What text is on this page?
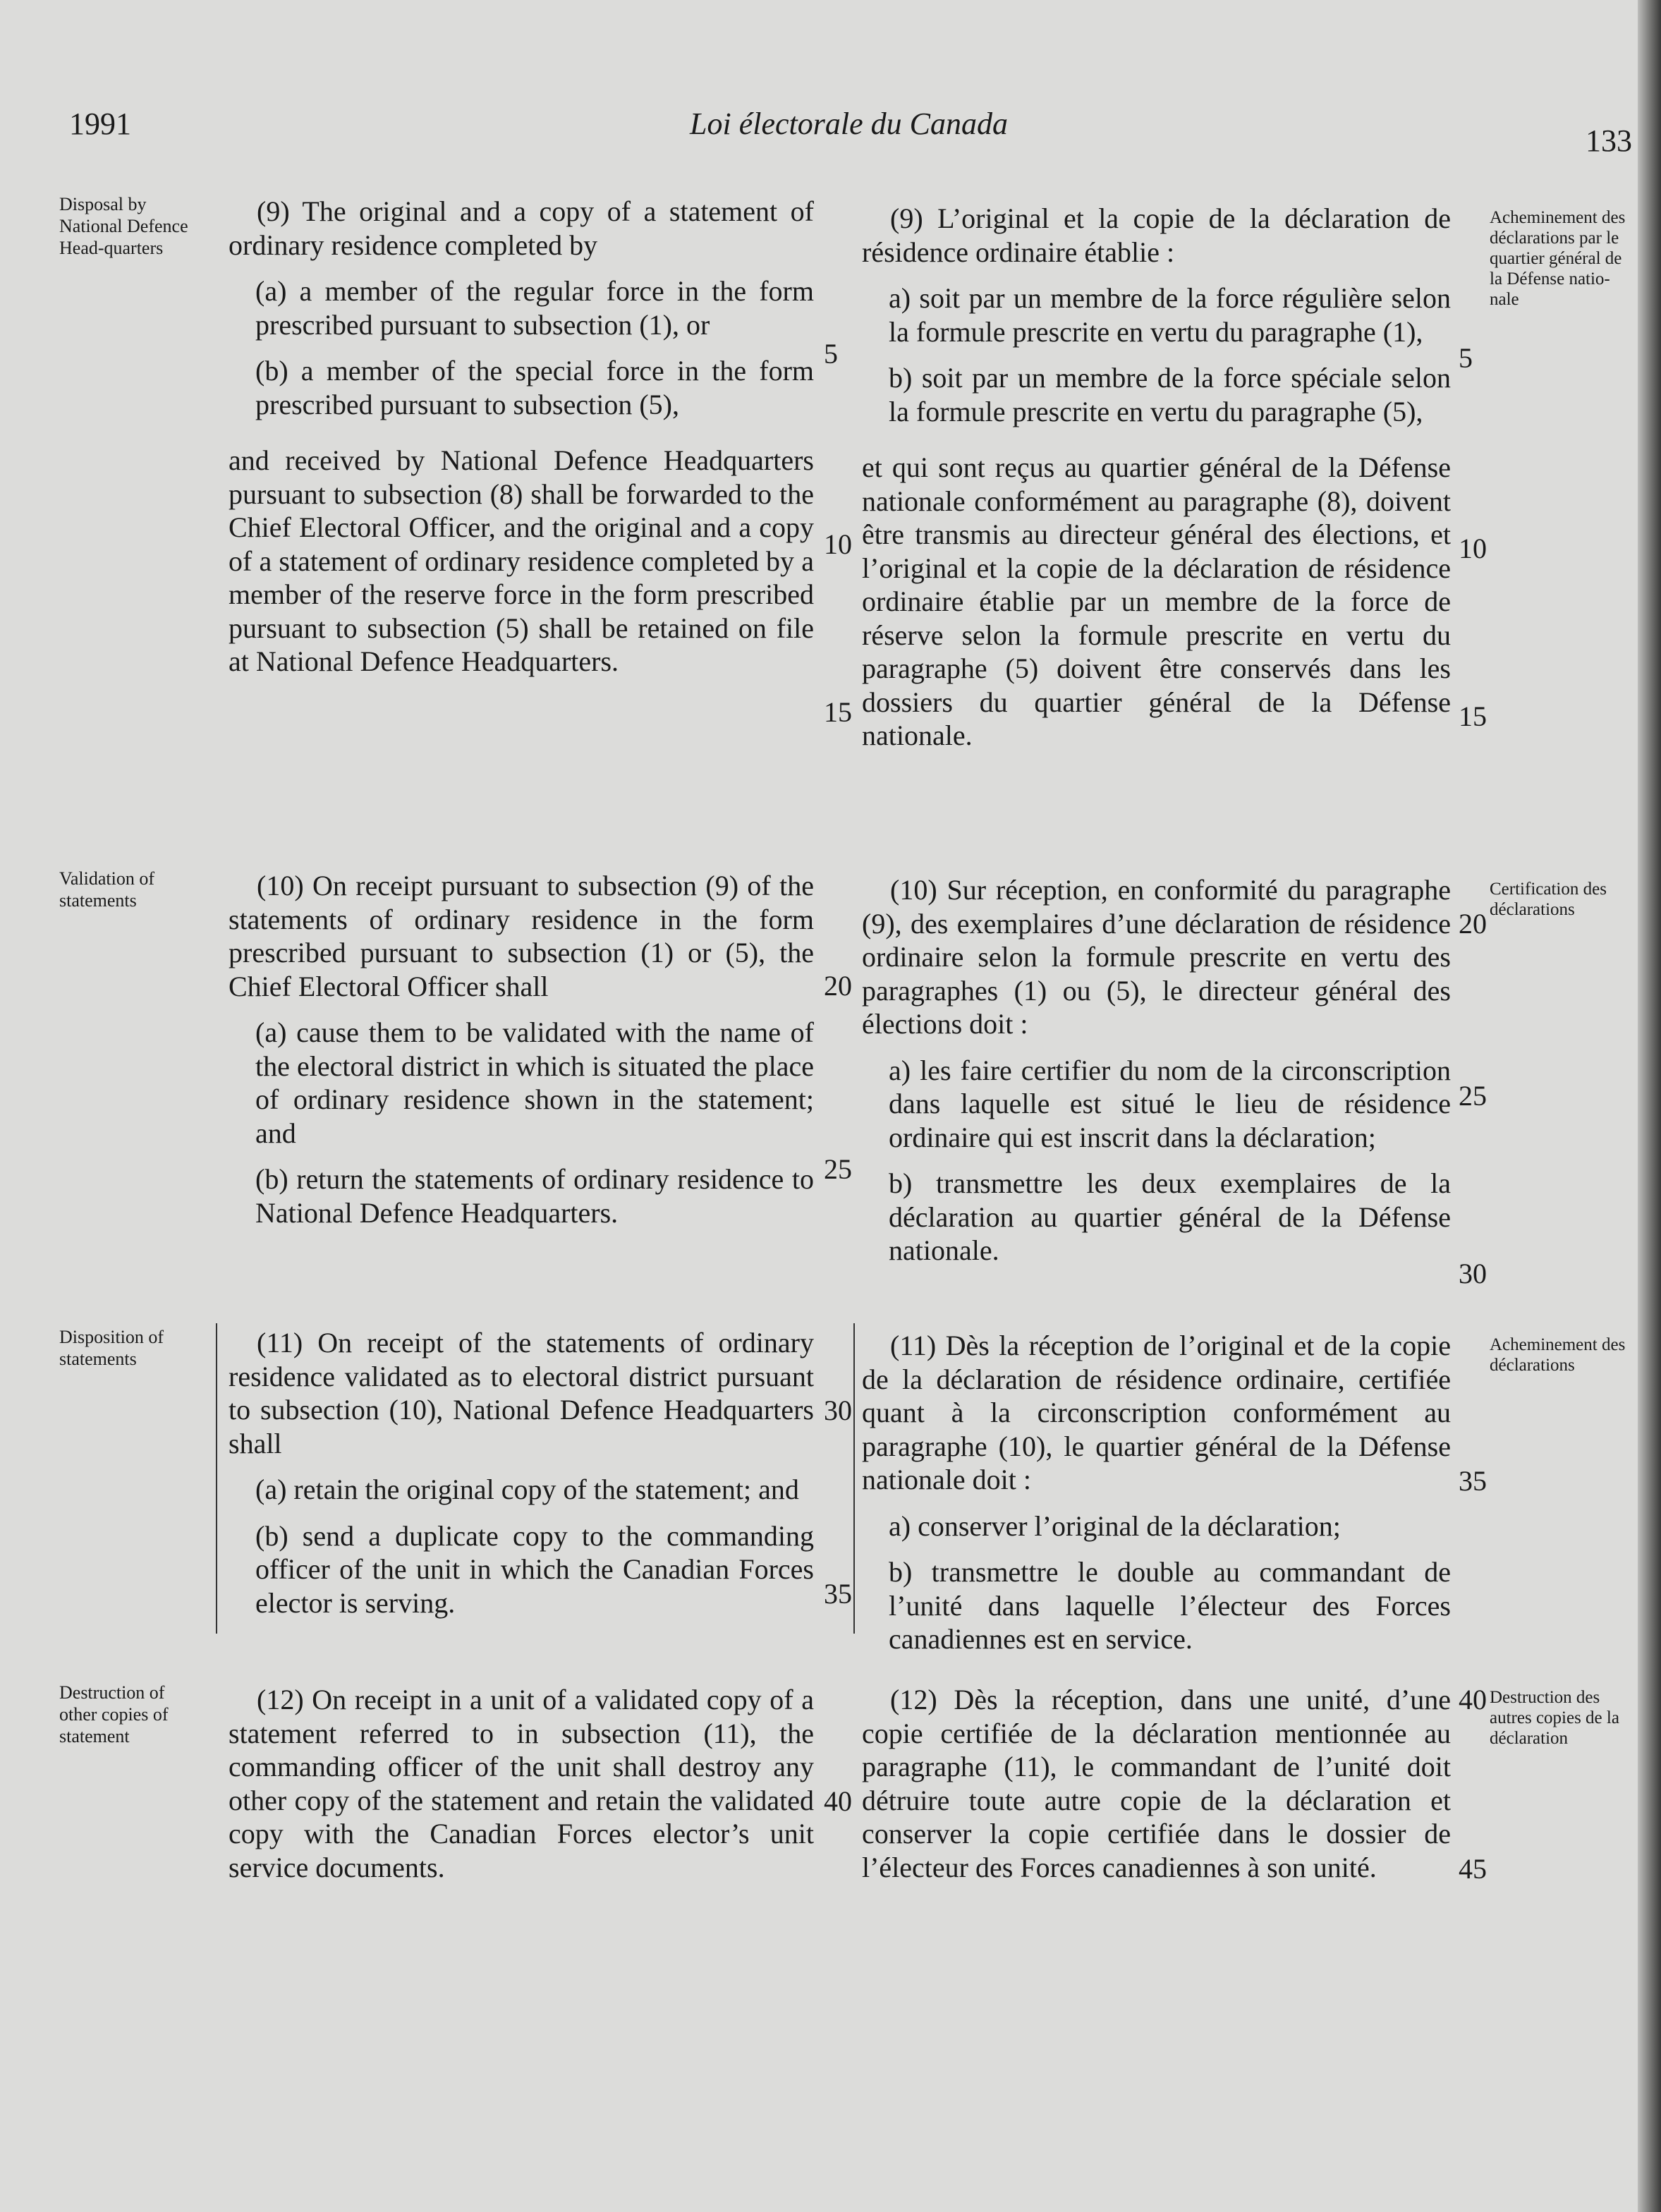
1991	Loi électorale du Canada	133
Disposal by National Defence Head-quarters
Acheminement des déclarations par le quartier général de la Défense natio-nale

(9) The original and a copy of a statement of ordinary residence completed by

(a) a member of the regular force in the form prescribed pursuant to subsection (1), or

(b) a member of the special force in the form prescribed pursuant to subsection (5),

and received by National Defence Headquarters pursuant to subsection (8) shall be forwarded to the Chief Electoral Officer, and the original and a copy of a statement of ordinary residence completed by a member of the reserve force in the form prescribed pursuant to subsection (5) shall be retained on file at National Defence Headquarters.

(9) L’original et la copie de la déclaration de résidence ordinaire établie :

a) soit par un membre de la force régulière selon la formule prescrite en vertu du paragraphe (1),

b) soit par un membre de la force spéciale selon la formule prescrite en vertu du paragraphe (5),

et qui sont reçus au quartier général de la Défense nationale conformément au paragraphe (8), doivent être transmis au directeur général des élections, et l’original et la copie de la déclaration de résidence ordinaire établie par un membre de la force de réserve selon la formule prescrite en vertu du paragraphe (5) doivent être conservés dans les dossiers du quartier général de la Défense nationale.

Validation of statements
Certification des déclarations

(10) On receipt pursuant to subsection (9) of the statements of ordinary residence in the form prescribed pursuant to subsection (1) or (5), the Chief Electoral Officer shall

(a) cause them to be validated with the name of the electoral district in which is situated the place of ordinary residence shown in the statement; and

(b) return the statements of ordinary residence to National Defence Headquarters.

(10) Sur réception, en conformité du paragraphe (9), des exemplaires d’une déclaration de résidence ordinaire selon la formule prescrite en vertu des paragraphes (1) ou (5), le directeur général des élections doit :

a) les faire certifier du nom de la circonscription dans laquelle est situé le lieu de résidence ordinaire qui est inscrit dans la déclaration;

b) transmettre les deux exemplaires de la déclaration au quartier général de la Défense nationale.

Disposition of statements
Acheminement des déclarations

(11) On receipt of the statements of ordinary residence validated as to electoral district pursuant to subsection (10), National Defence Headquarters shall

(a) retain the original copy of the statement; and

(b) send a duplicate copy to the commanding officer of the unit in which the Canadian Forces elector is serving.

(11) Dès la réception de l’original et de la copie de la déclaration de résidence ordinaire, certifiée quant à la circonscription conformément au paragraphe (10), le quartier général de la Défense nationale doit :

a) conserver l’original de la déclaration;

b) transmettre le double au commandant de l’unité dans laquelle l’électeur des Forces canadiennes est en service.

Destruction of other copies of statement
Destruction des autres copies de la déclaration

(12) On receipt in a unit of a validated copy of a statement referred to in subsection (11), the commanding officer of the unit shall destroy any other copy of the statement and retain the validated copy with the Canadian Forces elector’s unit service documents.

(12) Dès la réception, dans une unité, d’une copie certifiée de la déclaration mentionnée au paragraphe (11), le commandant de l’unité doit détruire toute autre copie de la déclaration et conserver la copie certifiée dans le dossier de l’électeur des Forces canadiennes à son unité.

5
10
15
20
25
30
35
40
5
10
15
20
25
30
35
40
45
